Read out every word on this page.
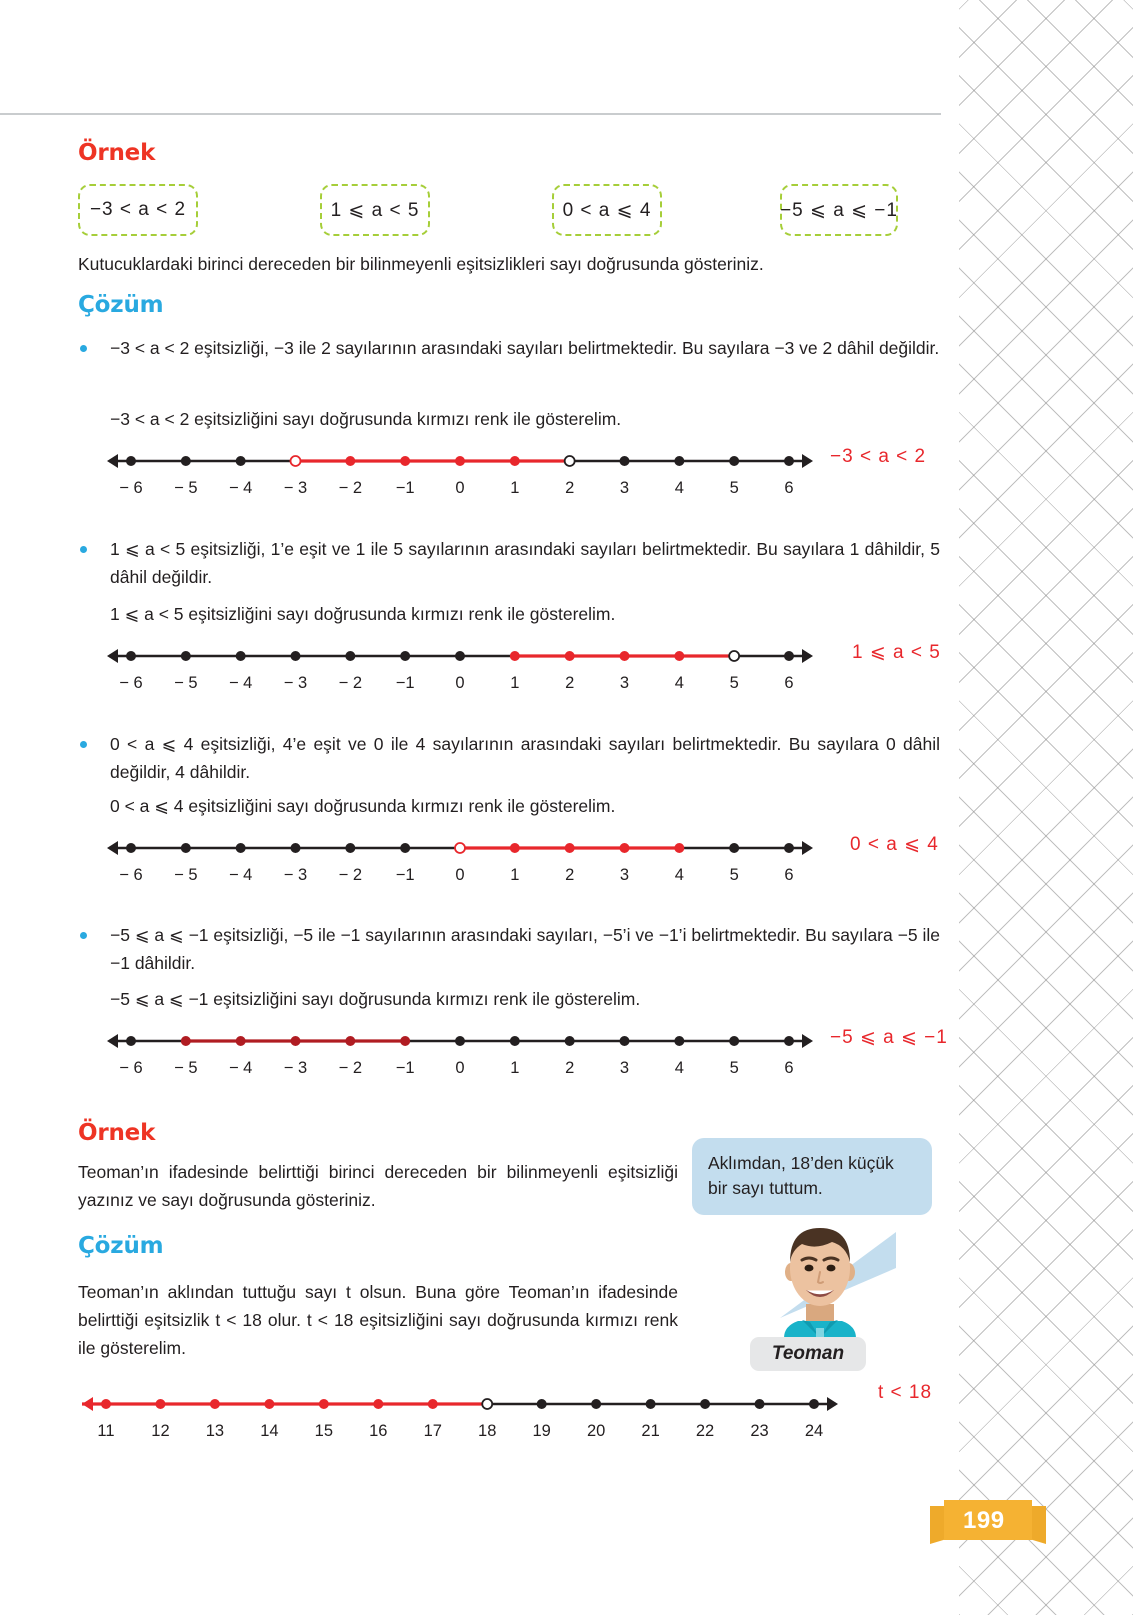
Örnek
−3 < a < 2	1 ⩽ a < 5	0 < a ⩽ 4	−5 ⩽ a ⩽ −1
Kutucuklardaki birinci dereceden bir bilinmeyenli eşitsizlikleri sayı doğrusunda gösteriniz.
Çözüm
−3 < a < 2 eşitsizliği, −3 ile 2 sayılarının arasındaki sayıları belirtmektedir. Bu sayılara −3 ve 2 dâhil değildir.
−3 < a < 2 eşitsizliğini sayı doğrusunda kırmızı renk ile gösterelim.
− 6 − 5 − 4 − 3 − 2 −1 0	1	2	3	4	5	6
−3 < a < 2
1 ⩽ a < 5 eşitsizliği, 1’e eşit ve 1 ile 5 sayılarının arasındaki sayıları belirtmektedir. Bu sayılara 1 dâhildir, 5 dâhil değildir.
1 ⩽ a < 5 eşitsizliğini sayı doğrusunda kırmızı renk ile gösterelim.
− 6 − 5 − 4 − 3 − 2 −1 0	1	2	3	4	5	6
1 ⩽ a < 5
0 < a ⩽ 4 eşitsizliği, 4’e eşit ve 0 ile 4 sayılarının arasındaki sayıları belirtmektedir. Bu sayılara 0 dâhil değildir, 4 dâhildir.
0 < a ⩽ 4 eşitsizliğini sayı doğrusunda kırmızı renk ile gösterelim.
− 6 − 5 − 4 − 3 − 2 −1 0	1	2	3	4	5	6
0 < a ⩽ 4
−5 ⩽ a ⩽ −1 eşitsizliği, −5 ile −1 sayılarının arasındaki sayıları, −5’i ve −1’i belirtmektedir. Bu sayılara −5 ile −1 dâhildir.
−5 ⩽ a ⩽ −1 eşitsizliğini sayı doğrusunda kırmızı renk ile gösterelim.
− 6 − 5 − 4 − 3 − 2 −1 0	1	2	3	4	5	6
−5 ⩽ a ⩽ −1
Örnek
Teoman’ın ifadesinde belirttiği birinci dereceden bir bilinmeyenli eşitsizliği yazınız ve sayı doğrusunda gösteriniz.
Çözüm
Teoman’ın aklından tuttuğu sayı t olsun. Buna göre Teoman’ın ifadesinde belirttiği eşitsizlik t < 18 olur. t < 18 eşitsizliğini sayı doğrusunda kırmızı renk ile gösterelim.
Aklımdan, 18’den küçük bir sayı tuttum.
Teoman
11 12 13 14 15 16 17 18 19 20 21 22 23 24
t < 18
199
